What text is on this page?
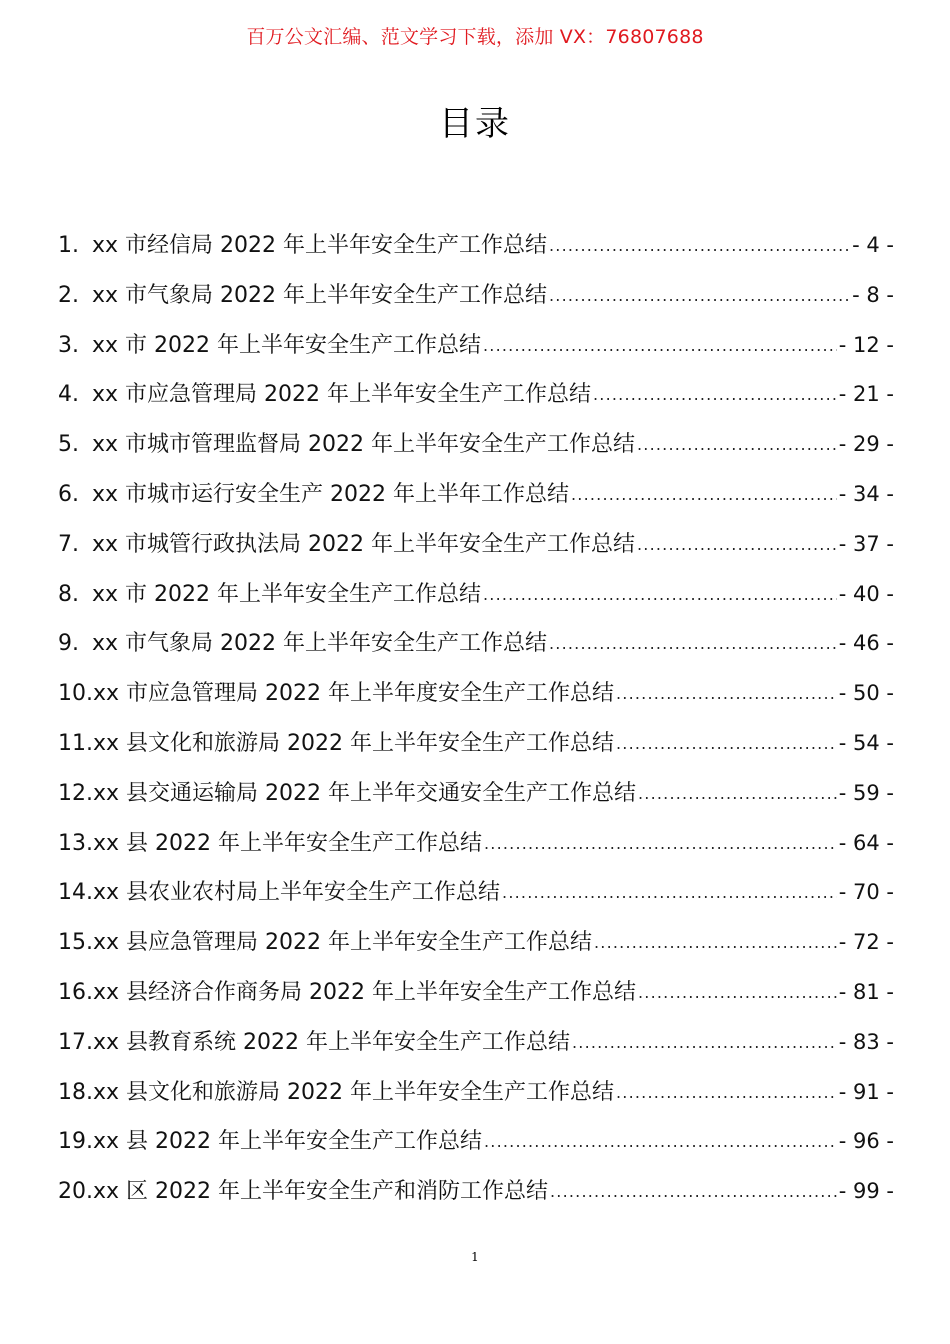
百万公文汇编、范文学习下载，添加 VX：76807688
目录
1. xx 市经信局 2022 年上半年安全生产工作总结 .....	- 4 -
2. xx 市气象局 2022 年上半年安全生产工作总结 .....	- 8 -
3. xx 市 2022 年上半年安全生产工作总结 .....	- 12 -
4. xx 市应急管理局 2022 年上半年安全生产工作总结 .....	- 21 -
5. xx 市城市管理监督局 2022 年上半年安全生产工作总结 .....	- 29 -
6. xx 市城市运行安全生产 2022 年上半年工作总结 .....	- 34 -
7. xx 市城管行政执法局 2022 年上半年安全生产工作总结 .....	- 37 -
8. xx 市 2022 年上半年安全生产工作总结 .....	- 40 -
9. xx 市气象局 2022 年上半年安全生产工作总结 .....	- 46 -
10. xx 市应急管理局 2022 年上半年度安全生产工作总结 .....	- 50 -
11. xx 县文化和旅游局 2022 年上半年安全生产工作总结 .....	- 54 -
12. xx 县交通运输局 2022 年上半年交通安全生产工作总结 .....	- 59 -
13. xx 县 2022 年上半年安全生产工作总结 .....	- 64 -
14. xx 县农业农村局上半年安全生产工作总结 .....	- 70 -
15. xx 县应急管理局 2022 年上半年安全生产工作总结 .....	- 72 -
16. xx 县经济合作商务局 2022 年上半年安全生产工作总结 .....	- 81 -
17. xx 县教育系统 2022 年上半年安全生产工作总结 .....	- 83 -
18. xx 县文化和旅游局 2022 年上半年安全生产工作总结 .....	- 91 -
19. xx 县 2022 年上半年安全生产工作总结 .....	- 96 -
20. xx 区 2022 年上半年安全生产和消防工作总结 .....	- 99 -
1
